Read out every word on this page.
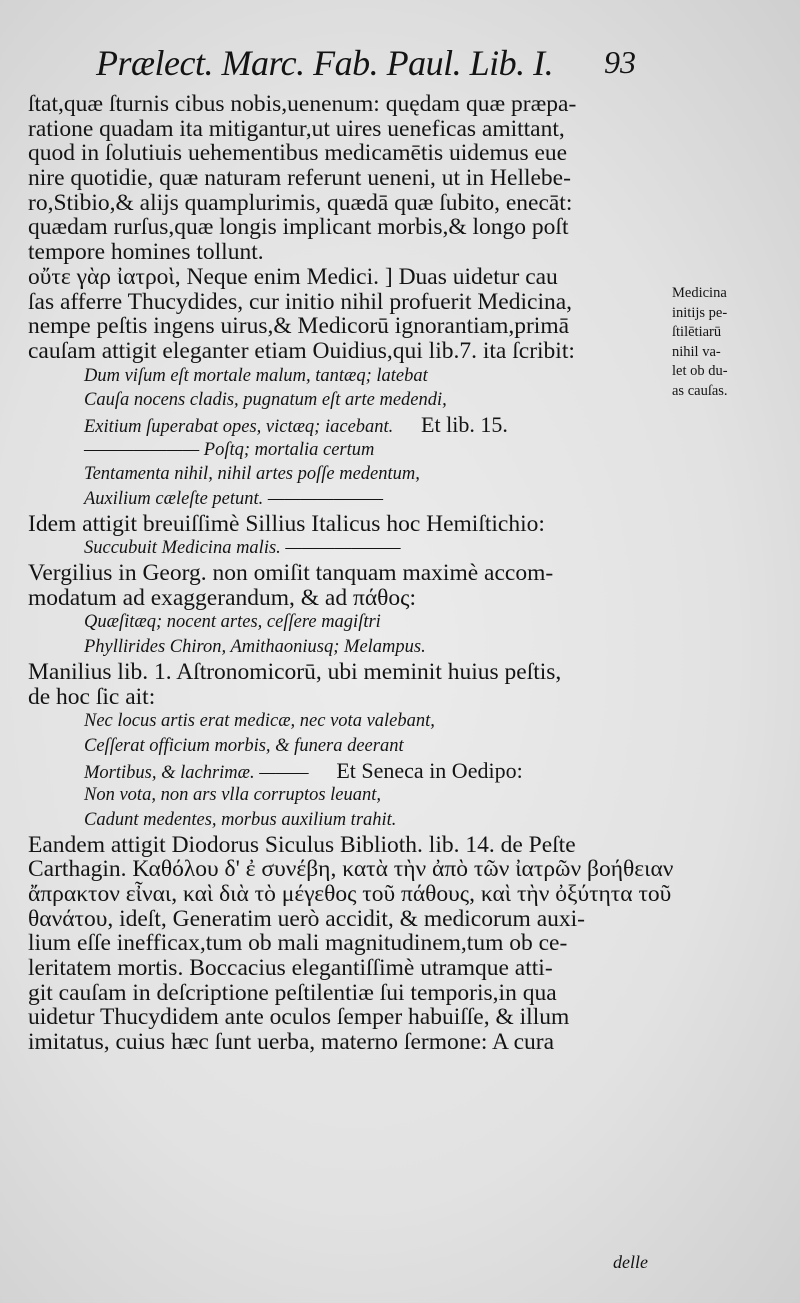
Prælect. Marc. Fab. Paul. Lib. I. 93
ſtat,quæ ſturnis cibus nobis,uenenum: quędam quæ præpa-
ratione quadam ita mitigantur,ut uires ueneficas amittant,
quod in ſolutiuis uehementibus medicamētis uidemus eue
nire quotidie, quæ naturam referunt ueneni, ut in Hellebe-
ro,Stibio,& alijs quamplurimis, quædā quæ ſubito, enecāt:
quædam rurſus,quæ longis implicant morbis,& longo poſt
tempore homines tollunt.
οὔτε γὰρ ἰατροὶ, Neque enim Medici. ] Duas uidetur cau
ſas afferre Thucydides, cur initio nihil profuerit Medicina,
nempe peſtis ingens uirus,& Medicorū ignorantiam,primā
cauſam attigit eleganter etiam Ouidius,qui lib.7. ita ſcribit:
Dum viſum eſt mortale malum, tantæq; latebat
Cauſa nocens cladis, pugnatum eſt arte medendi,
Exitium ſuperabat opes, victæq; iacebant. Et lib. 15.
——————— Poſtq; mortalia certum
Tentamenta nihil, nihil artes poſſe medentum,
Auxilium cæleſte petunt. ———————
Idem attigit breuiſſimè Sillius Italicus hoc Hemiſtichio:
Succubuit Medicina malis. ———————
Vergilius in Georg. non omiſit tanquam maximè accom-
modatum ad exaggerandum, & ad πάθος:
Quæſitæq; nocent artes, ceſſere magiſtri
Phyllirides Chiron, Amithaoniusq; Melampus.
Manilius lib. 1. Aſtronomicorū, ubi meminit huius peſtis,
de hoc ſic ait:
Nec locus artis erat medicæ, nec vota valebant,
Ceſſerat officium morbis, & funera deerant
Mortibus, & lachrimæ. ——— Et Seneca in Oedipo:
Non vota, non ars vlla corruptos leuant,
Cadunt medentes, morbus auxilium trahit.
Eandem attigit Diodorus Siculus Biblioth. lib. 14. de Peſte
Carthagin. Καθόλου δ' ἐ συνέβη, κατὰ τὴν ἀπὸ τῶν ἰατρῶν βοήθειαν
ἄπρακτον εἶναι, καὶ διὰ τὸ μέγεθος τοῦ πάθους, καὶ τὴν ὀξύτητα τοῦ
θανάτου, ideſt, Generatim uerò accidit, & medicorum auxi-
lium eſſe inefficax,tum ob mali magnitudinem,tum ob ce-
leritatem mortis. Boccacius elegantiſſimè utramque atti-
git cauſam in deſcriptione peſtilentiæ ſui temporis,in qua
uidetur Thucydidem ante oculos ſemper habuiſſe, & illum
imitatus, cuius hæc ſunt uerba, materno ſermone: A cura
Medicina
initijs pe-
ſtilētiarū
nihil va-
let ob du-
as cauſas.
delle
